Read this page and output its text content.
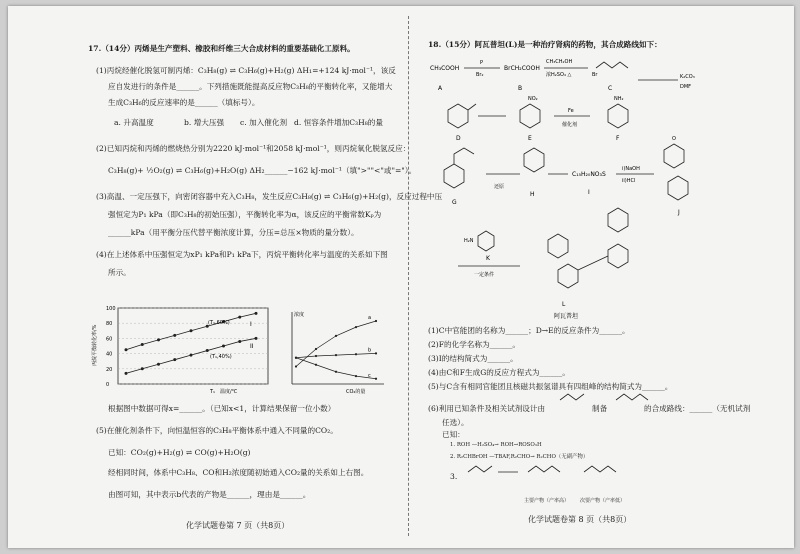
17.（14分）丙烯是生产塑料、橡胶和纤维三大合成材料的重要基础化工原料。
(1)丙烷经催化脱氢可制丙烯：C₃H₈(g) ⇌ C₃H₆(g)+H₂(g) ΔH₁=+124 kJ·mol⁻¹，该反
应自发进行的条件是______。下列措施既能提高反应物C₃H₈的平衡转化率，又能增大
生成C₃H₆的反应速率的是______（填标号）。
a. 升高温度	b. 增大压强 c. 加入催化剂 d. 恒容条件增加C₃H₈的量
(2)已知丙烷和丙烯的燃烧热分别为2220 kJ·mol⁻¹和2058 kJ·mol⁻¹，则丙烷氧化脱氢反应：
C₃H₈(g)+ ½O₂(g) ⇌ C₃H₆(g)+H₂O(g) ΔH₂______−162 kJ·mol⁻¹（填">""<"或"="）。
(3)高温、一定压强下，向密闭容器中充入C₃H₈，发生反应C₃H₈(g) ⇌ C₃H₆(g)+H₂(g)，反应过程中压
强恒定为P₁ kPa（即C₃H₈的初始压强），平衡转化率为α，该反应的平衡常数Kₚ为
______kPa（用平衡分压代替平衡浓度计算，分压=总压×物质的量分数）。
(4)在上述体系中压强恒定为xP₁ kPa和P₁ kPa下，丙烷平衡转化率与温度的关系如下图
所示。
根据图中数据可得x=______。（已知x<1，计算结果保留一位小数）
(5)在催化剂条件下，向恒温恒容的C₃H₈平衡体系中通入不同量的CO₂。
已知：CO₂(g)+H₂(g) ⇌ CO(g)+H₂O(g)
经相同时间，体系中C₃H₈、CO和H₂浓度随初始通入CO₂量的关系如上右图。
由图可知，其中表示b代表的产物是______，理由是______。
100
80
60
40
20
0
丙烷平衡转化率/%
温度/℃
T₁
(T₁,60%)
(T₁,40%)
I
II
浓度
CO₂的量
a
b
c
化学试题卷第 7 页（共8页）
18.（15分）阿瓦普坦(L)是一种治疗肾病的药物，其合成路线如下：
CH₃COOH
P
Br₂
BrCH₂COOH
CH₃CH₂OH
浓H₂SO₄ △	Br	K₂CO₃
DMF
A	B	C
NO₂
Fe
催化剂
NH₂
D	E	F
还原
C₁₅H₂₀NO₃S
i)NaOH
ii)HCl
O
G
H	I
J
H₂N
K
一定条件
L
阿瓦普坦
(1)C中官能团的名称为______；D→E的反应条件为______。
(2)F的化学名称为______。
(3)I的结构简式为______。
(4)由C和F生成G的反应方程式为______。
(5)与C含有相同官能团且核磁共振氢谱具有四组峰的结构简式为______。
(6)利用已知条件及相关试剂设计由	制备	的合成路线：______（无机试剂
任选）。
已知：
1. ROH —H₂SO₄→ ROH→ROSO₃H
2. R₂CHBrOH —TBAF,R₂CHO→ R₂CHO（无副产物）
3.
主要产物（产率高） 次要产物（产率低）
化学试题卷第 8 页（共8页）
